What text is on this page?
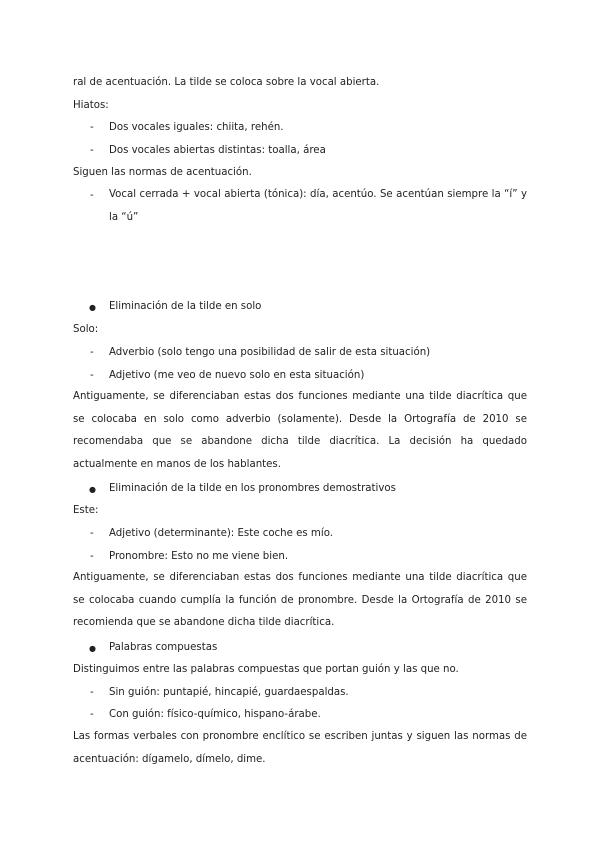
ral de acentuación. La tilde se coloca sobre la vocal abierta.
Hiatos:
- Dos vocales iguales: chiita, rehén.
- Dos vocales abiertas distintas: toalla, área
Siguen las normas de acentuación.
- Vocal cerrada + vocal abierta (tónica): día, acentúo. Se acentúan siempre la “í” y la “ú”
● Eliminación de la tilde en solo
Solo:
- Adverbio (solo tengo una posibilidad de salir de esta situación)
- Adjetivo (me veo de nuevo solo en esta situación)
Antiguamente, se diferenciaban estas dos funciones mediante una tilde diacrítica que se colocaba en solo como adverbio (solamente). Desde la Ortografía de 2010 se recomendaba que se abandone dicha tilde diacrítica. La decisión ha quedado actualmente en manos de los hablantes.
● Eliminación de la tilde en los pronombres demostrativos
Este:
- Adjetivo (determinante): Este coche es mío.
- Pronombre: Esto no me viene bien.
Antiguamente, se diferenciaban estas dos funciones mediante una tilde diacrítica que se colocaba cuando cumplía la función de pronombre. Desde la Ortografía de 2010 se recomienda que se abandone dicha tilde diacrítica.
● Palabras compuestas
Distinguimos entre las palabras compuestas que portan guión y las que no.
- Sin guión: puntapié, hincapié, guardaespaldas.
- Con guión: físico-químico, hispano-árabe.
Las formas verbales con pronombre enclítico se escriben juntas y siguen las normas de acentuación: dígamelo, dímelo, dime.
